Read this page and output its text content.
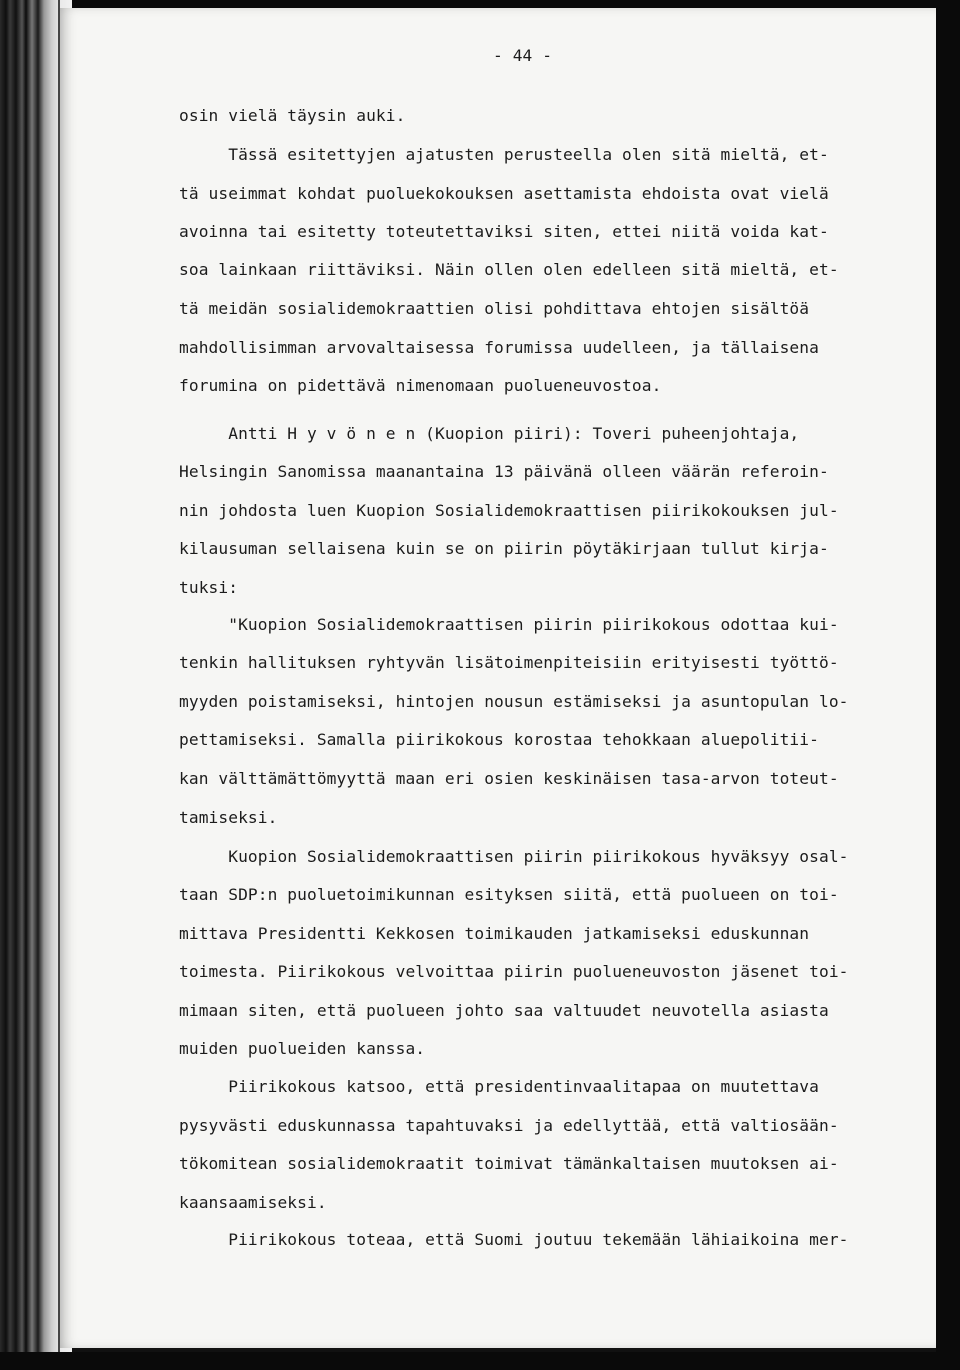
- 44 -
osin vielä täysin auki.
Tässä esitettyjen ajatusten perusteella olen sitä mieltä, et-
tä useimmat kohdat puoluekokouksen asettamista ehdoista ovat vielä
avoinna tai esitetty toteutettaviksi siten, ettei niitä voida kat-
soa lainkaan riittäviksi. Näin ollen olen edelleen sitä mieltä, et-
tä meidän sosialidemokraattien olisi pohdittava ehtojen sisältöä
mahdollisimman arvovaltaisessa forumissa uudelleen, ja tällaisena
forumina on pidettävä nimenomaan puolueneuvostoa.
Antti H y v ö n e n (Kuopion piiri): Toveri puheenjohtaja,
Helsingin Sanomissa maanantaina 13 päivänä olleen väärän referoin-
nin johdosta luen Kuopion Sosialidemokraattisen piirikokouksen jul-
kilausuman sellaisena kuin se on piirin pöytäkirjaan tullut kirja-
tuksi:
"Kuopion Sosialidemokraattisen piirin piirikokous odottaa kui-
tenkin hallituksen ryhtyvän lisätoimenpiteisiin erityisesti työttö-
myyden poistamiseksi, hintojen nousun estämiseksi ja asuntopulan lo-
pettamiseksi. Samalla piirikokous korostaa tehokkaan aluepolitii-
kan välttämättömyyttä maan eri osien keskinäisen tasa-arvon toteut-
tamiseksi.
Kuopion Sosialidemokraattisen piirin piirikokous hyväksyy osal-
taan SDP:n puoluetoimikunnan esityksen siitä, että puolueen on toi-
mittava Presidentti Kekkosen toimikauden jatkamiseksi eduskunnan
toimesta. Piirikokous velvoittaa piirin puolueneuvoston jäsenet toi-
mimaan siten, että puolueen johto saa valtuudet neuvotella asiasta
muiden puolueiden kanssa.
Piirikokous katsoo, että presidentinvaalitapaa on muutettava
pysyvästi eduskunnassa tapahtuvaksi ja edellyttää, että valtiosään-
tökomitean sosialidemokraatit toimivat tämänkaltaisen muutoksen ai-
kaansaamiseksi.
Piirikokous toteaa, että Suomi joutuu tekemään lähiaikoina mer-
